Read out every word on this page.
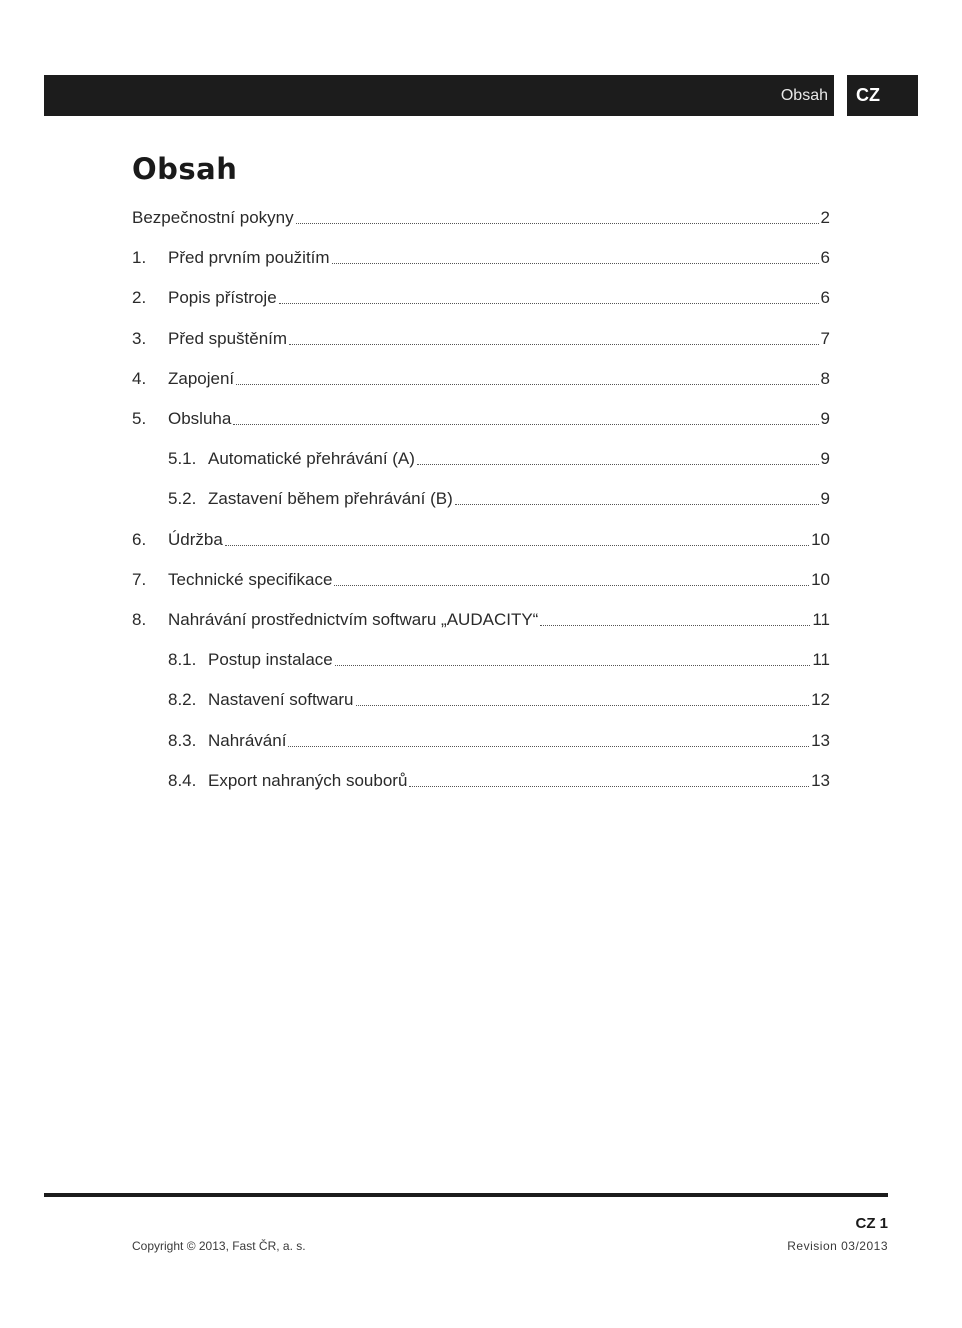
Obsah CZ
Obsah
Bezpečnostní pokyny	2
1.	Před prvním použitím	6
2.	Popis přístroje	6
3.	Před spuštěním	7
4.	Zapojení	8
5.	Obsluha	9
5.1. Automatické přehrávání (A)	9
5.2. Zastavení během přehrávání (B)	9
6.	Údržba	10
7.	Technické specifikace	10
8.	Nahrávání prostřednictvím softwaru „AUDACITY“	11
8.1. Postup instalace	11
8.2. Nastavení softwaru	12
8.3. Nahrávání	13
8.4. Export nahraných souborů	13
CZ 1
Copyright © 2013, Fast ČR, a. s.	Revision 03/2013
